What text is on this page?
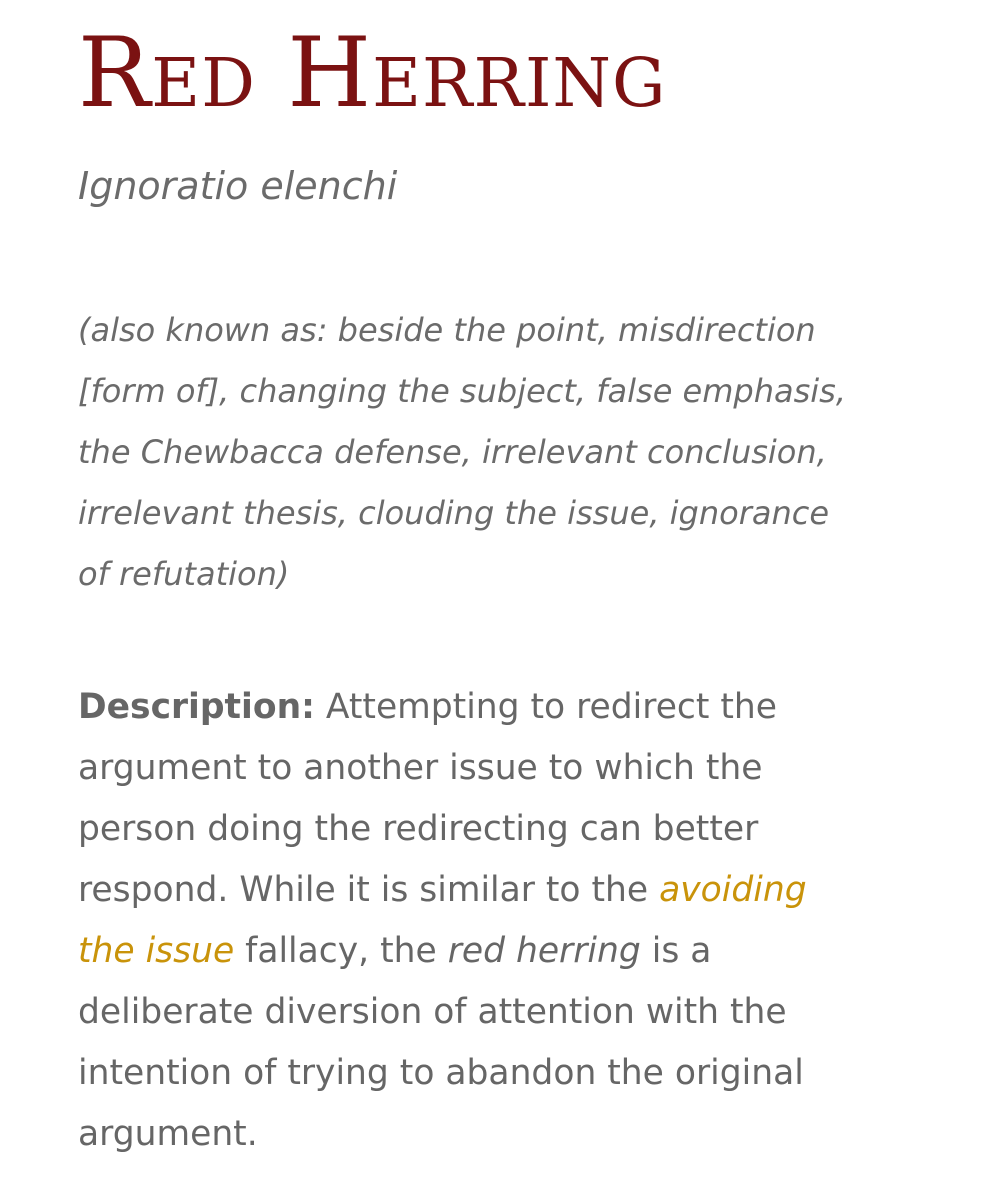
Red Herring

Ignoratio elenchi

(also known as: beside the point, misdirection
[form of], changing the subject, false emphasis,
the Chewbacca defense, irrelevant conclusion,
irrelevant thesis, clouding the issue, ignorance
of refutation)

Description: Attempting to redirect the
argument to another issue to which the
person doing the redirecting can better
respond. While it is similar to the avoiding
the issue fallacy, the red herring is a
deliberate diversion of attention with the
intention of trying to abandon the original
argument.
